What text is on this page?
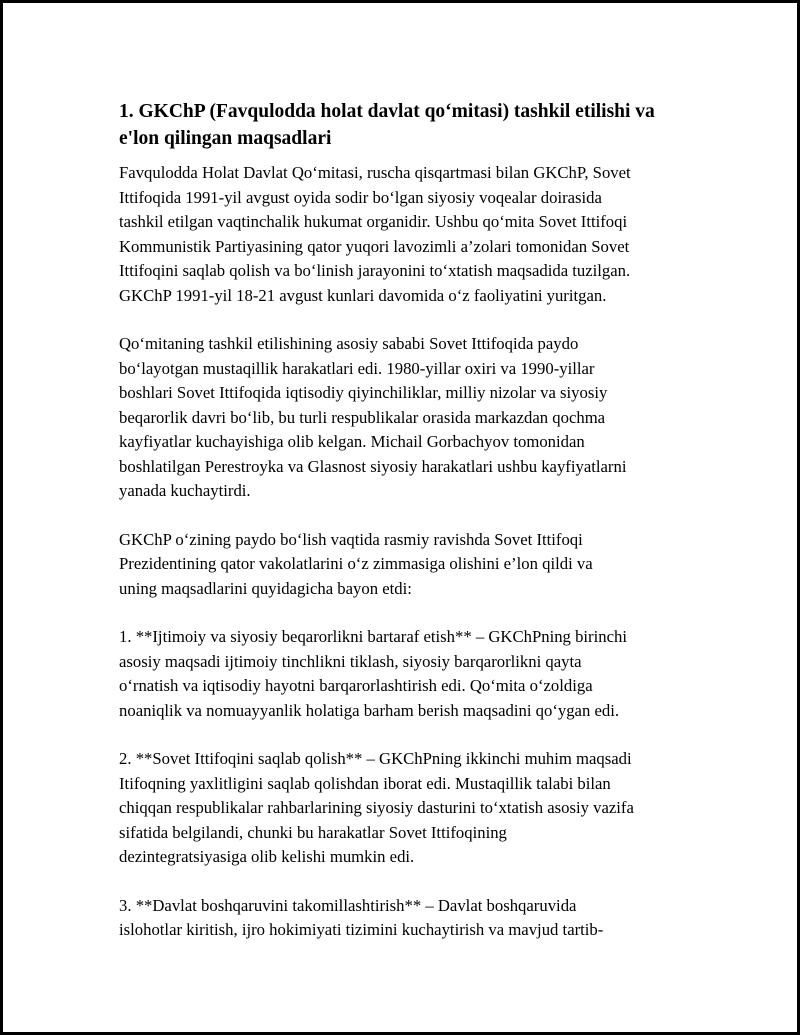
1. GKChP (Favqulodda holat davlat qo‘mitasi) tashkil etilishi va e'lon qilingan maqsadlari

Favqulodda Holat Davlat Qo‘mitasi, ruscha qisqartmasi bilan GKChP, Sovet
Ittifoqida 1991-yil avgust oyida sodir bo‘lgan siyosiy voqealar doirasida
tashkil etilgan vaqtinchalik hukumat organidir. Ushbu qo‘mita Sovet Ittifoqi
Kommunistik Partiyasining qator yuqori lavozimli a’zolari tomonidan Sovet
Ittifoqini saqlab qolish va bo‘linish jarayonini to‘xtatish maqsadida tuzilgan.
GKChP 1991-yil 18-21 avgust kunlari davomida o‘z faoliyatini yuritgan.

Qo‘mitaning tashkil etilishining asosiy sababi Sovet Ittifoqida paydo
bo‘layotgan mustaqillik harakatlari edi. 1980-yillar oxiri va 1990-yillar
boshlari Sovet Ittifoqida iqtisodiy qiyinchiliklar, milliy nizolar va siyosiy
beqarorlik davri bo‘lib, bu turli respublikalar orasida markazdan qochma
kayfiyatlar kuchayishiga olib kelgan. Michail Gorbachyov tomonidan
boshlatilgan Perestroyka va Glasnost siyosiy harakatlari ushbu kayfiyatlarni
yanada kuchaytirdi.

GKChP o‘zining paydo bo‘lish vaqtida rasmiy ravishda Sovet Ittifoqi
Prezidentining qator vakolatlarini o‘z zimmasiga olishini e’lon qildi va
uning maqsadlarini quyidagicha bayon etdi:

1. **Ijtimoiy va siyosiy beqarorlikni bartaraf etish** – GKChPning birinchi
asosiy maqsadi ijtimoiy tinchlikni tiklash, siyosiy barqarorlikni qayta
o‘rnatish va iqtisodiy hayotni barqarorlashtirish edi. Qo‘mita o‘zoldiga
noaniqlik va nomuayyanlik holatiga barham berish maqsadini qo‘ygan edi.

2. **Sovet Ittifoqini saqlab qolish** – GKChPning ikkinchi muhim maqsadi
Itifoqning yaxlitligini saqlab qolishdan iborat edi. Mustaqillik talabi bilan
chiqqan respublikalar rahbarlarining siyosiy dasturini to‘xtatish asosiy vazifa
sifatida belgilandi, chunki bu harakatlar Sovet Ittifoqining
dezintegratsiyasiga olib kelishi mumkin edi.

3. **Davlat boshqaruvini takomillashtirish** – Davlat boshqaruvida
islohotlar kiritish, ijro hokimiyati tizimini kuchaytirish va mavjud tartib-
